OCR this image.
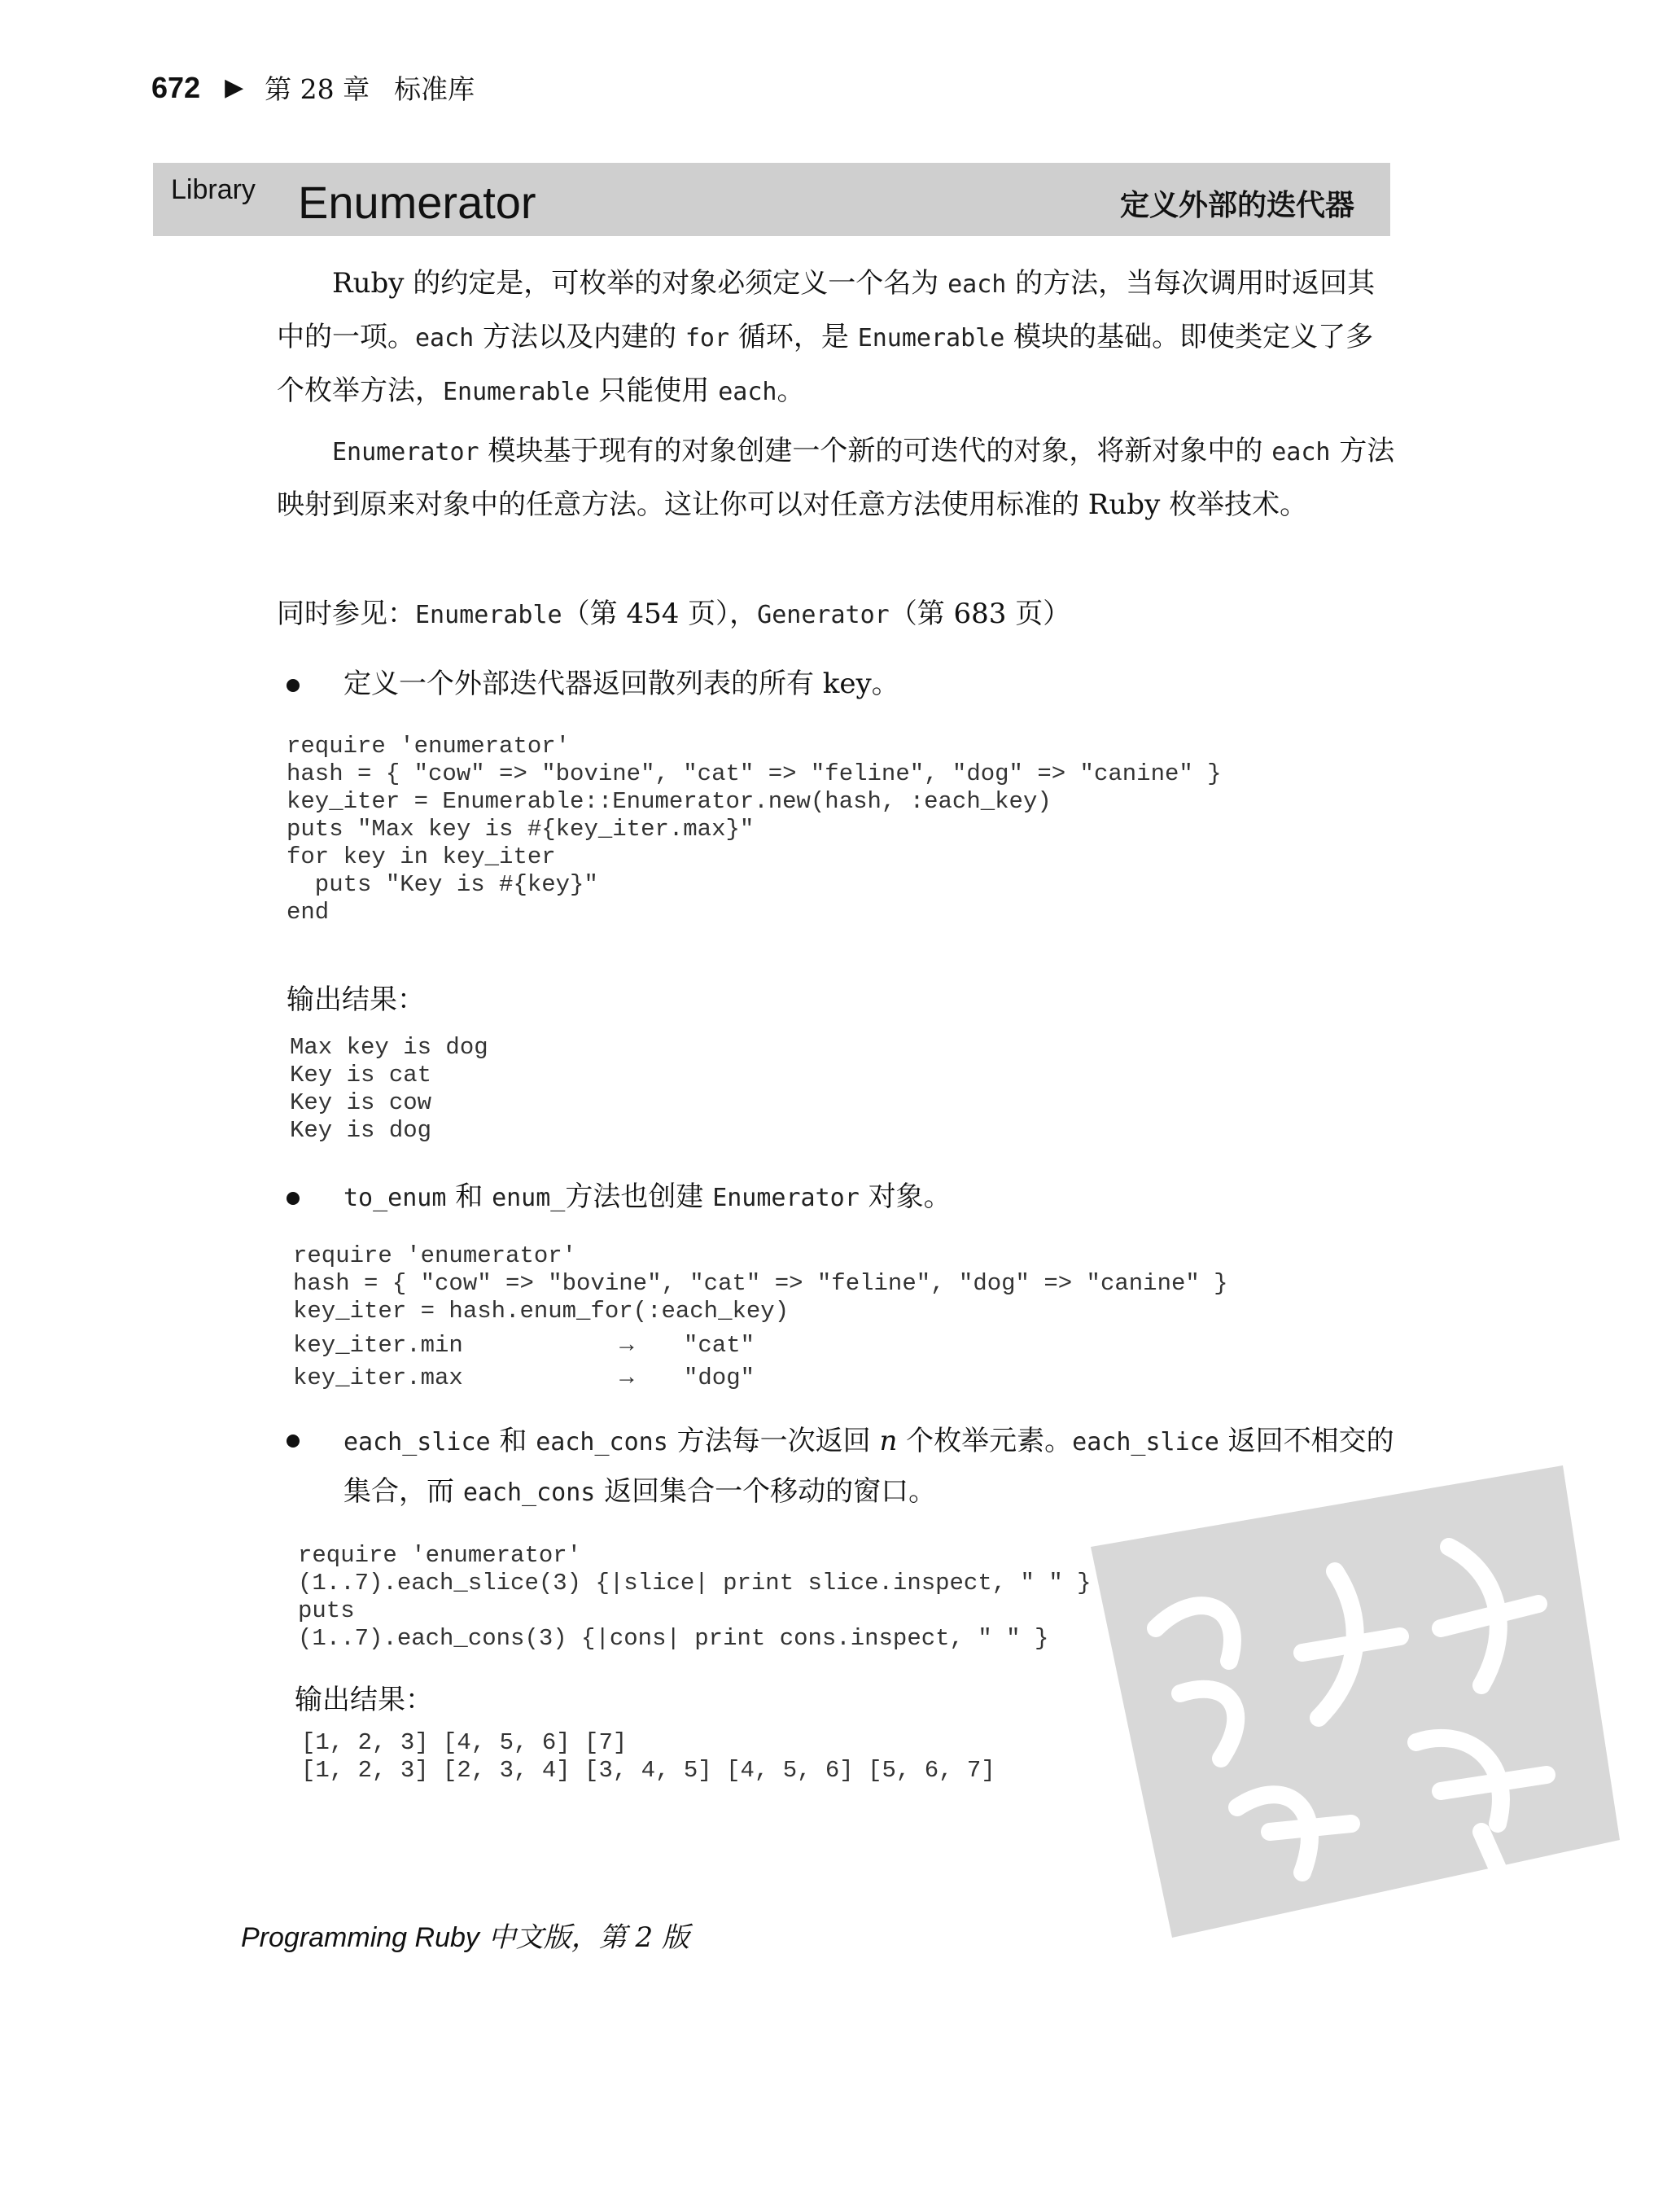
672 ▶ 第 28 章 标准库
Library Enumerator	定义外部的迭代器
Ruby 的约定是，可枚举的对象必须定义一个名为 each 的方法，当每次调用时返回其中的一项。each 方法以及内建的 for 循环，是 Enumerable 模块的基础。即使类定义了多个枚举方法，Enumerable 只能使用 each。
Enumerator 模块基于现有的对象创建一个新的可迭代的对象，将新对象中的 each 方法映射到原来对象中的任意方法。这让你可以对任意方法使用标准的 Ruby 枚举技术。
同时参见：Enumerable（第 454 页），Generator（第 683 页）
定义一个外部迭代器返回散列表的所有 key。
require 'enumerator'
hash = { "cow" => "bovine", "cat" => "feline", "dog" => "canine" }
key_iter = Enumerable::Enumerator.new(hash, :each_key)
puts "Max key is #{key_iter.max}"
for key in key_iter
puts "Key is #{key}"
end
输出结果：
Max key is dog
Key is cat
Key is cow
Key is dog
to_enum 和 enum_方法也创建 Enumerator 对象。
require 'enumerator'
hash = { "cow" => "bovine", "cat" => "feline", "dog" => "canine" }
key_iter = hash.enum_for(:each_key)
key_iter.min	→	"cat"
key_iter.max	→	"dog"
each_slice 和 each_cons 方法每一次返回 n 个枚举元素。each_slice 返回不相交的集合，而 each_cons 返回集合一个移动的窗口。
require 'enumerator'
(1..7).each_slice(3) {|slice| print slice.inspect, " " }
puts
(1..7).each_cons(3) {|cons| print cons.inspect, " " }
输出结果：
[1, 2, 3] [4, 5, 6] [7]
[1, 2, 3] [2, 3, 4] [3, 4, 5] [4, 5, 6] [5, 6, 7]
Programming Ruby 中文版，第 2 版
